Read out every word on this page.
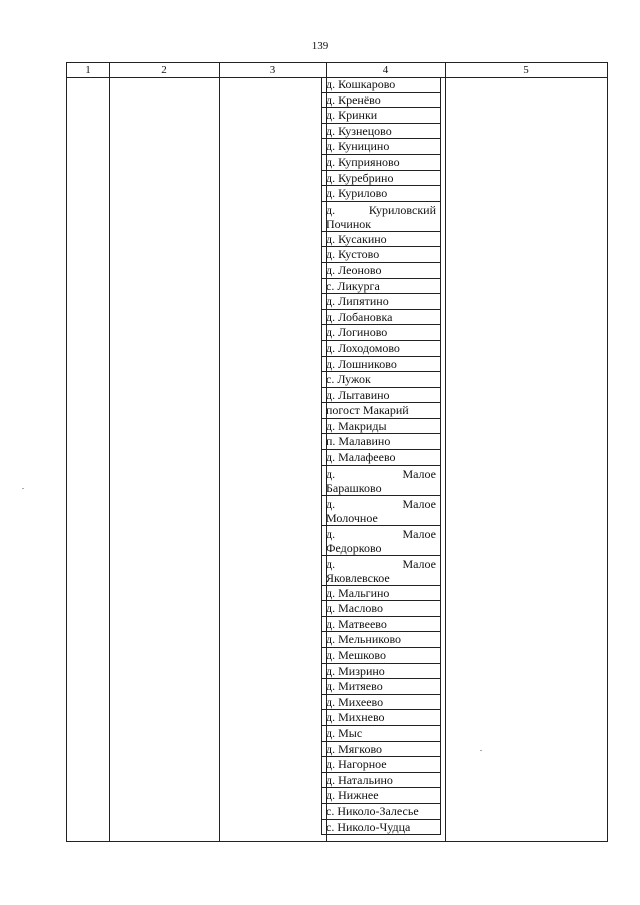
139
1	2	3	4	5
д. Кошкарово
д. Кренёво
д. Кринки
д. Кузнецово
д. Куницино
д. Куприяново
д. Куребрино
д. Курилово
д.	Куриловский
Починок
д. Кусакино
д. Кустово
д. Леоново
с. Ликурга
д. Липятино
д. Лобановка
д. Логиново
д. Лоходомово
д. Лошниково
с. Лужок
д. Лытавино
погост Макарий
д. Макриды
п. Малавино
д. Малафеево
д.	Малое
Барашково
д.	Малое
Молочное
д.	Малое
Федорково
д.	Малое
Яковлевское
д. Мальгино
д. Маслово
д. Матвеево
д. Мельниково
д. Мешково
д. Мизрино
д. Митяево
д. Михеево
д. Михнево
д. Мыс
д. Мягково
д. Нагорное
д. Натальино
д. Нижнее
с. Николо-Залесье
с. Николо-Чудца
